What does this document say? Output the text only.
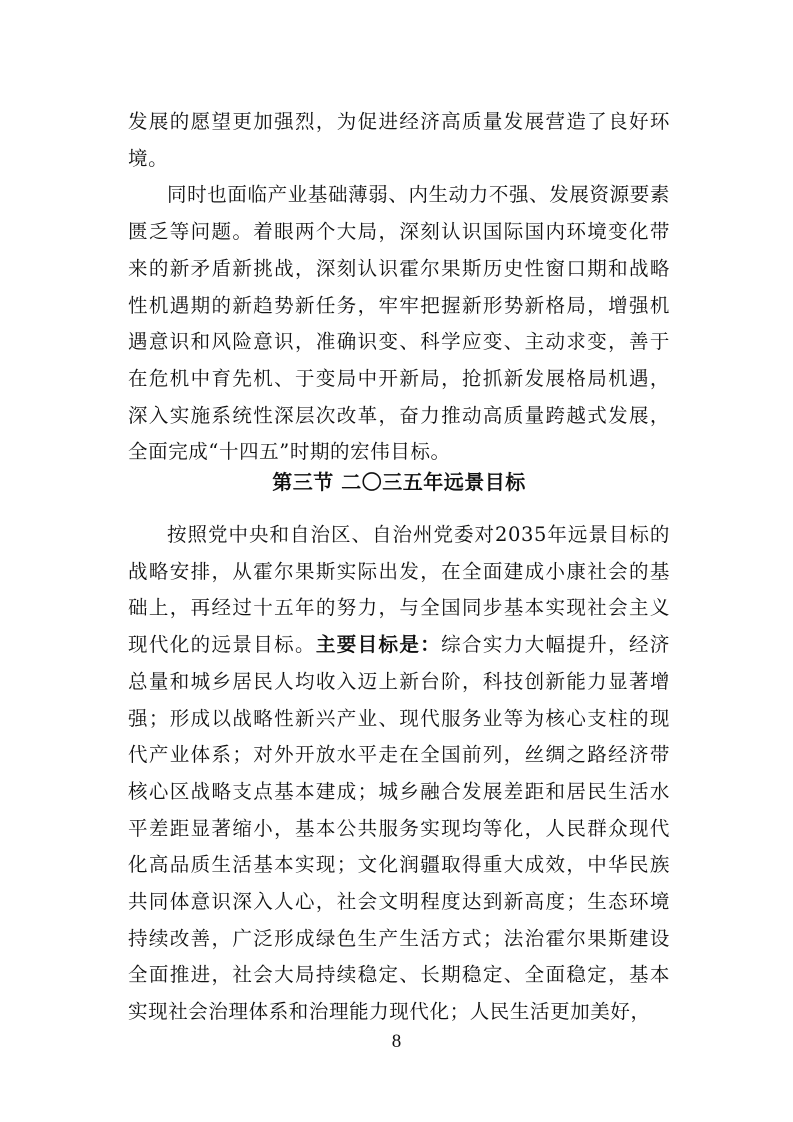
发展的愿望更加强烈，为促进经济高质量发展营造了良好环境。

同时也面临产业基础薄弱、内生动力不强、发展资源要素匮乏等问题。着眼两个大局，深刻认识国际国内环境变化带来的新矛盾新挑战，深刻认识霍尔果斯历史性窗口期和战略性机遇期的新趋势新任务，牢牢把握新形势新格局，增强机遇意识和风险意识，准确识变、科学应变、主动求变，善于在危机中育先机、于变局中开新局，抢抓新发展格局机遇，深入实施系统性深层次改革，奋力推动高质量跨越式发展，全面完成“十四五”时期的宏伟目标。

第三节 二〇三五年远景目标

按照党中央和自治区、自治州党委对2035年远景目标的战略安排，从霍尔果斯实际出发，在全面建成小康社会的基础上，再经过十五年的努力，与全国同步基本实现社会主义现代化的远景目标。主要目标是：综合实力大幅提升，经济总量和城乡居民人均收入迈上新台阶，科技创新能力显著增强；形成以战略性新兴产业、现代服务业等为核心支柱的现代产业体系；对外开放水平走在全国前列，丝绸之路经济带核心区战略支点基本建成；城乡融合发展差距和居民生活水平差距显著缩小，基本公共服务实现均等化，人民群众现代化高品质生活基本实现；文化润疆取得重大成效，中华民族共同体意识深入人心，社会文明程度达到新高度；生态环境持续改善，广泛形成绿色生产生活方式；法治霍尔果斯建设全面推进，社会大局持续稳定、长期稳定、全面稳定，基本实现社会治理体系和治理能力现代化；人民生活更加美好，

8
